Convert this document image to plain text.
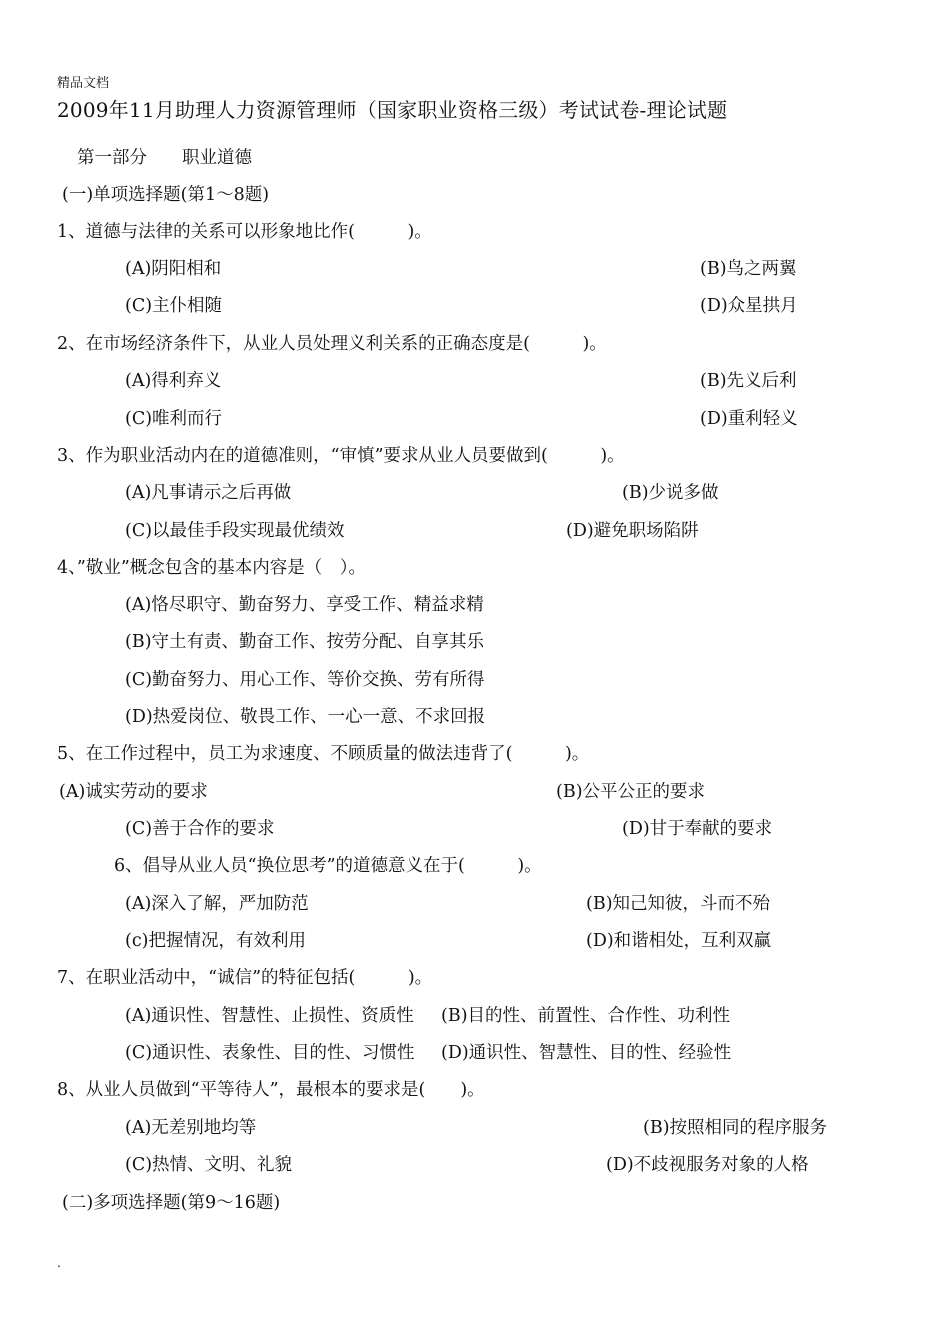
精品文档
2009年11月助理人力资源管理师（国家职业资格三级）考试试卷-理论试题
第一部分 职业道德
(一)单项选择题(第1～8题)
1、道德与法律的关系可以形象地比作(　　　)。
(A)阴阳相和	(B)鸟之两翼
(C)主仆相随	(D)众星拱月
2、在市场经济条件下，从业人员处理义利关系的正确态度是(　　　)。
(A)得利弃义	(B)先义后利
(C)唯利而行	(D)重利轻义
3、作为职业活动内在的道德准则，“审慎”要求从业人员要做到(　　　)。
(A)凡事请示之后再做	(B)少说多做
(C)以最佳手段实现最优绩效	(D)避免职场陷阱
4、”敬业”概念包含的基本内容是（　）。
(A)恪尽职守、勤奋努力、享受工作、精益求精
(B)守土有责、勤奋工作、按劳分配、自享其乐
(C)勤奋努力、用心工作、等价交换、劳有所得
(D)热爱岗位、敬畏工作、一心一意、不求回报
5、在工作过程中，员工为求速度、不顾质量的做法违背了(　　　)。
(A)诚实劳动的要求	(B)公平公正的要求
(C)善于合作的要求	(D)甘于奉献的要求
6、倡导从业人员“换位思考”的道德意义在于(　　　)。
(A)深入了解，严加防范	(B)知己知彼，斗而不殆
(c)把握情况，有效利用	(D)和谐相处，互利双赢
7、在职业活动中，“诚信”的特征包括(　　　)。
(A)通识性、智慧性、止损性、资质性 (B)目的性、前置性、合作性、功利性
(C)通识性、表象性、目的性、习惯性 (D)通识性、智慧性、目的性、经验性
8、从业人员做到“平等待人”，最根本的要求是(　　)。
(A)无差别地均等	(B)按照相同的程序服务
(C)热情、文明、礼貌	(D)不歧视服务对象的人格
(二)多项选择题(第9～16题)
.
